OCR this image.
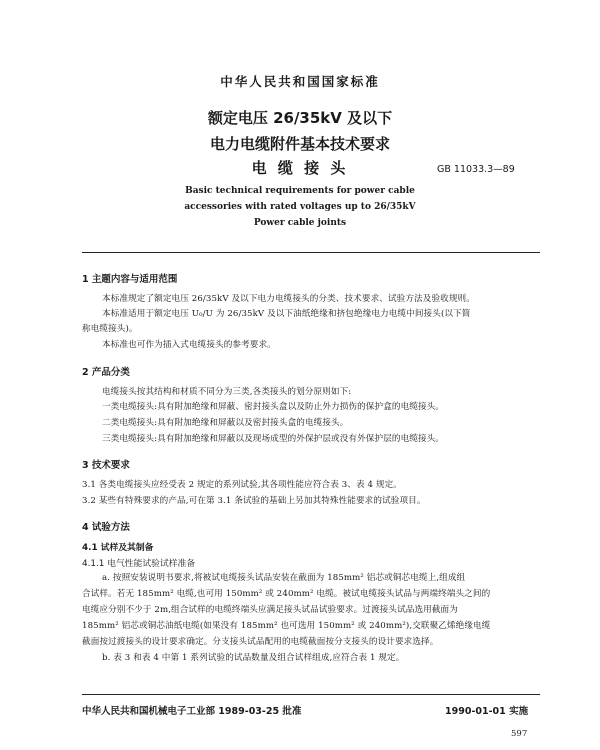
中华人民共和国国家标准
额定电压 26/35kV 及以下
电力电缆附件基本技术要求
电 缆 接 头	GB 11033.3—89
Basic technical requirements for power cable
accessories with rated voltages up to 26/35kV
Power cable joints
1 主题内容与适用范围
本标准规定了额定电压 26/35kV 及以下电力电缆接头的分类、技术要求、试验方法及验收规则。
本标准适用于额定电压 U₀/U 为 26/35kV 及以下油纸绝缘和挤包绝缘电力电缆中间接头(以下简
称电缆接头)。
本标准也可作为插入式电缆接头的参考要求。
2 产品分类
电缆接头按其结构和材质不同分为三类,各类接头的划分原则如下:
一类电缆接头:具有附加绝缘和屏蔽、密封接头盒以及防止外力损伤的保护盒的电缆接头。
二类电缆接头:具有附加绝缘和屏蔽以及密封接头盒的电缆接头。
三类电缆接头:具有附加绝缘和屏蔽以及现场成型的外保护层或没有外保护层的电缆接头。
3 技术要求
3.1 各类电缆接头应经受表 2 规定的系列试验,其各项性能应符合表 3、表 4 规定。
3.2 某些有特殊要求的产品,可在第 3.1 条试验的基础上另加其特殊性能要求的试验项目。
4 试验方法
4.1 试样及其制备
4.1.1 电气性能试验试样准备
a. 按照安装说明书要求,将被试电缆接头试品安装在截面为 185mm² 铝芯或铜芯电缆上,组成组
合试样。若无 185mm² 电缆,也可用 150mm² 或 240mm² 电缆。被试电缆接头试品与两端终端头之间的
电缆应分别不少于 2m,组合试样的电缆终端头应满足接头试品试验要求。过渡接头试品选用截面为
185mm² 铝芯或铜芯油纸电缆(如果没有 185mm² 也可选用 150mm² 或 240mm²),交联聚乙烯绝缘电缆
截面按过渡接头的设计要求确定。分支接头试品配用的电缆截面按分支接头的设计要求选择。
b. 表 3 和表 4 中第 1 系列试验的试品数量及组合试样组成,应符合表 1 规定。
中华人民共和国机械电子工业部 1989-03-25 批准	1990-01-01 实施
597
